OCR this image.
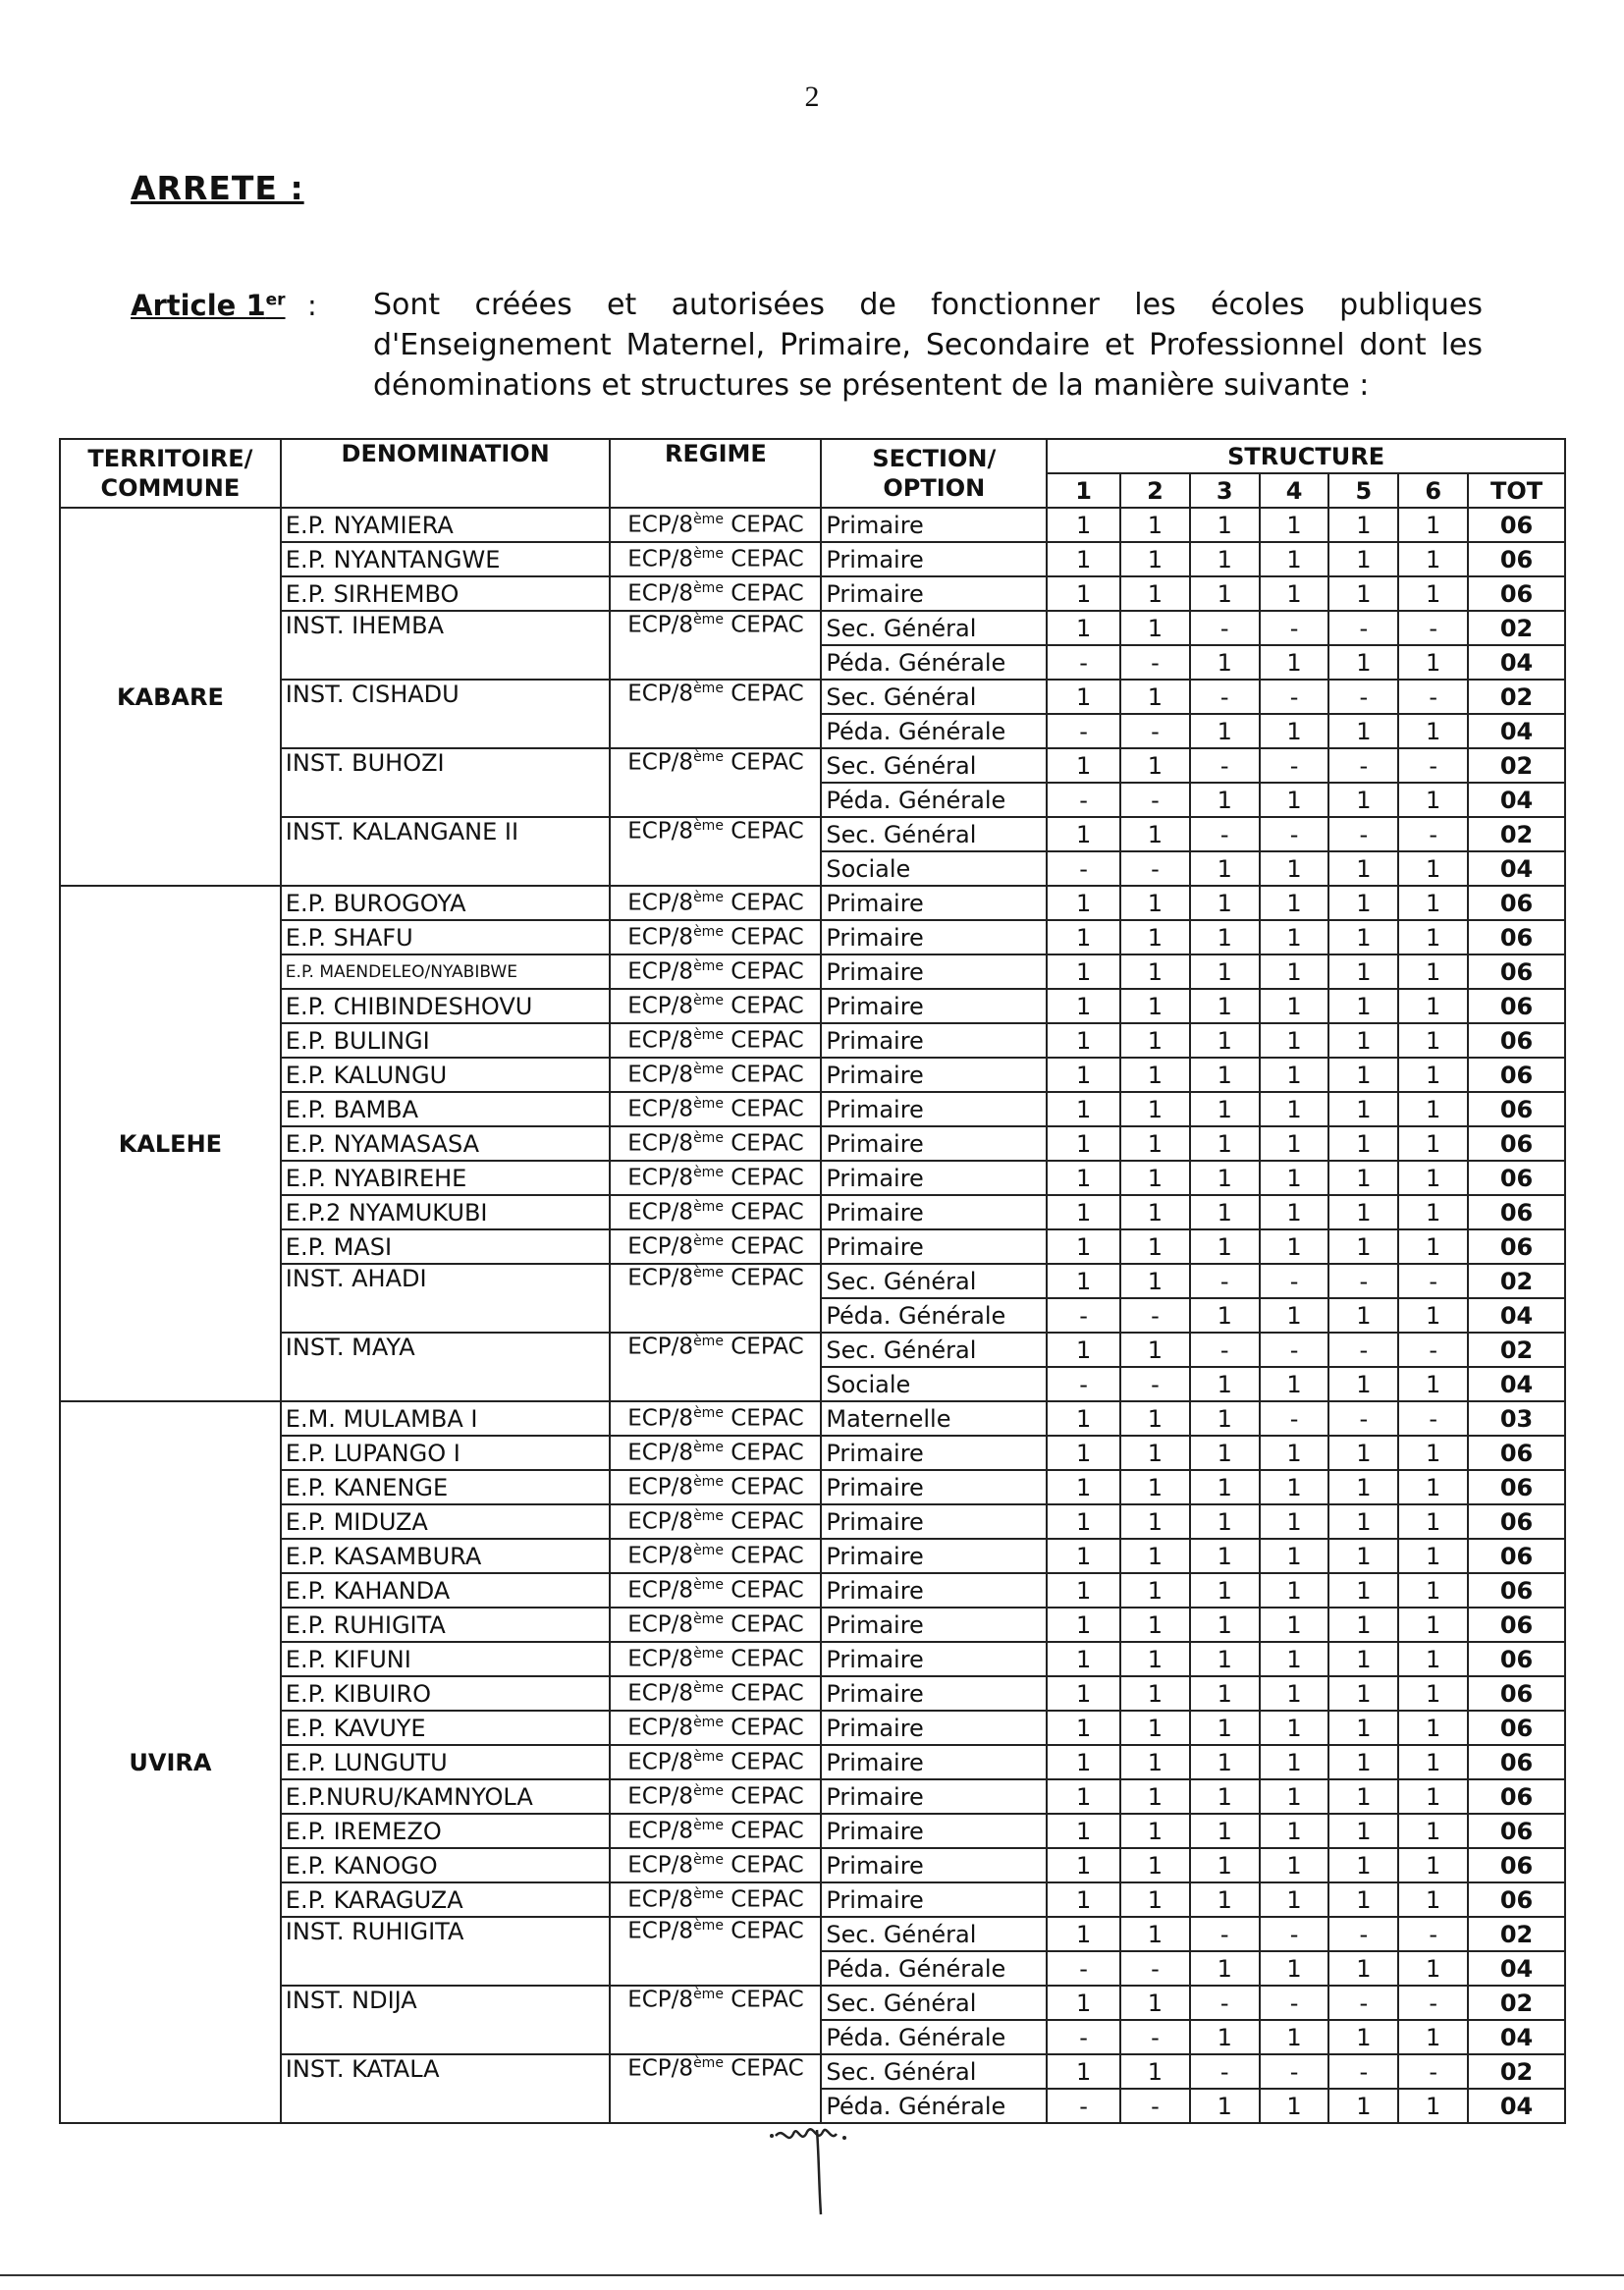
2
ARRETE :
Article 1er : Sont créées et autorisées de fonctionner les écoles publiques d'Enseignement Maternel, Primaire, Secondaire et Professionnel dont les dénominations et structures se présentent de la manière suivante :
TERRITOIRE/ COMMUNE	DENOMINATION	REGIME	SECTION/ OPTION	STRUCTURE						
				1	2	3	4	5	6	TOT
KABARE	E.P. NYAMIERA	ECP/8ème CEPAC	Primaire	1	1	1	1	1	1	06
	E.P. NYANTANGWE	ECP/8ème CEPAC	Primaire	1	1	1	1	1	1	06
	E.P. SIRHEMBO	ECP/8ème CEPAC	Primaire	1	1	1	1	1	1	06
	INST. IHEMBA	ECP/8ème CEPAC	Sec. Général	1	1	-	-	-	-	02
			Péda. Générale	-	-	1	1	1	1	04
	INST. CISHADU	ECP/8ème CEPAC	Sec. Général	1	1	-	-	-	-	02
			Péda. Générale	-	-	1	1	1	1	04
	INST. BUHOZI	ECP/8ème CEPAC	Sec. Général	1	1	-	-	-	-	02
			Péda. Générale	-	-	1	1	1	1	04
	INST. KALANGANE II	ECP/8ème CEPAC	Sec. Général	1	1	-	-	-	-	02
			Sociale	-	-	1	1	1	1	04
KALEHE	E.P. BUROGOYA	ECP/8ème CEPAC	Primaire	1	1	1	1	1	1	06
	E.P. SHAFU	ECP/8ème CEPAC	Primaire	1	1	1	1	1	1	06
	E.P. MAENDELEO/NYABIBWE	ECP/8ème CEPAC	Primaire	1	1	1	1	1	1	06
	E.P. CHIBINDESHOVU	ECP/8ème CEPAC	Primaire	1	1	1	1	1	1	06
	E.P. BULINGI	ECP/8ème CEPAC	Primaire	1	1	1	1	1	1	06
	E.P. KALUNGU	ECP/8ème CEPAC	Primaire	1	1	1	1	1	1	06
	E.P. BAMBA	ECP/8ème CEPAC	Primaire	1	1	1	1	1	1	06
	E.P. NYAMASASA	ECP/8ème CEPAC	Primaire	1	1	1	1	1	1	06
	E.P. NYABIREHE	ECP/8ème CEPAC	Primaire	1	1	1	1	1	1	06
	E.P.2 NYAMUKUBI	ECP/8ème CEPAC	Primaire	1	1	1	1	1	1	06
	E.P. MASI	ECP/8ème CEPAC	Primaire	1	1	1	1	1	1	06
	INST. AHADI	ECP/8ème CEPAC	Sec. Général	1	1	-	-	-	-	02
			Péda. Générale	-	-	1	1	1	1	04
	INST. MAYA	ECP/8ème CEPAC	Sec. Général	1	1	-	-	-	-	02
			Sociale	-	-	1	1	1	1	04
UVIRA	E.M. MULAMBA I	ECP/8ème CEPAC	Maternelle	1	1	1	-	-	-	03
	E.P. LUPANGO I	ECP/8ème CEPAC	Primaire	1	1	1	1	1	1	06
	E.P. KANENGE	ECP/8ème CEPAC	Primaire	1	1	1	1	1	1	06
	E.P. MIDUZA	ECP/8ème CEPAC	Primaire	1	1	1	1	1	1	06
	E.P. KASAMBURA	ECP/8ème CEPAC	Primaire	1	1	1	1	1	1	06
	E.P. KAHANDA	ECP/8ème CEPAC	Primaire	1	1	1	1	1	1	06
	E.P. RUHIGITA	ECP/8ème CEPAC	Primaire	1	1	1	1	1	1	06
	E.P. KIFUNI	ECP/8ème CEPAC	Primaire	1	1	1	1	1	1	06
	E.P. KIBUIRO	ECP/8ème CEPAC	Primaire	1	1	1	1	1	1	06
	E.P. KAVUYE	ECP/8ème CEPAC	Primaire	1	1	1	1	1	1	06
	E.P. LUNGUTU	ECP/8ème CEPAC	Primaire	1	1	1	1	1	1	06
	E.P.NURU/KAMNYOLA	ECP/8ème CEPAC	Primaire	1	1	1	1	1	1	06
	E.P. IREMEZO	ECP/8ème CEPAC	Primaire	1	1	1	1	1	1	06
	E.P. KANOGO	ECP/8ème CEPAC	Primaire	1	1	1	1	1	1	06
	E.P. KARAGUZA	ECP/8ème CEPAC	Primaire	1	1	1	1	1	1	06
	INST. RUHIGITA	ECP/8ème CEPAC	Sec. Général	1	1	-	-	-	-	02
			Péda. Générale	-	-	1	1	1	1	04
	INST. NDIJA	ECP/8ème CEPAC	Sec. Général	1	1	-	-	-	-	02
			Péda. Générale	-	-	1	1	1	1	04
	INST. KATALA	ECP/8ème CEPAC	Sec. Général	1	1	-	-	-	-	02
			Péda. Générale	-	-	1	1	1	1	04
